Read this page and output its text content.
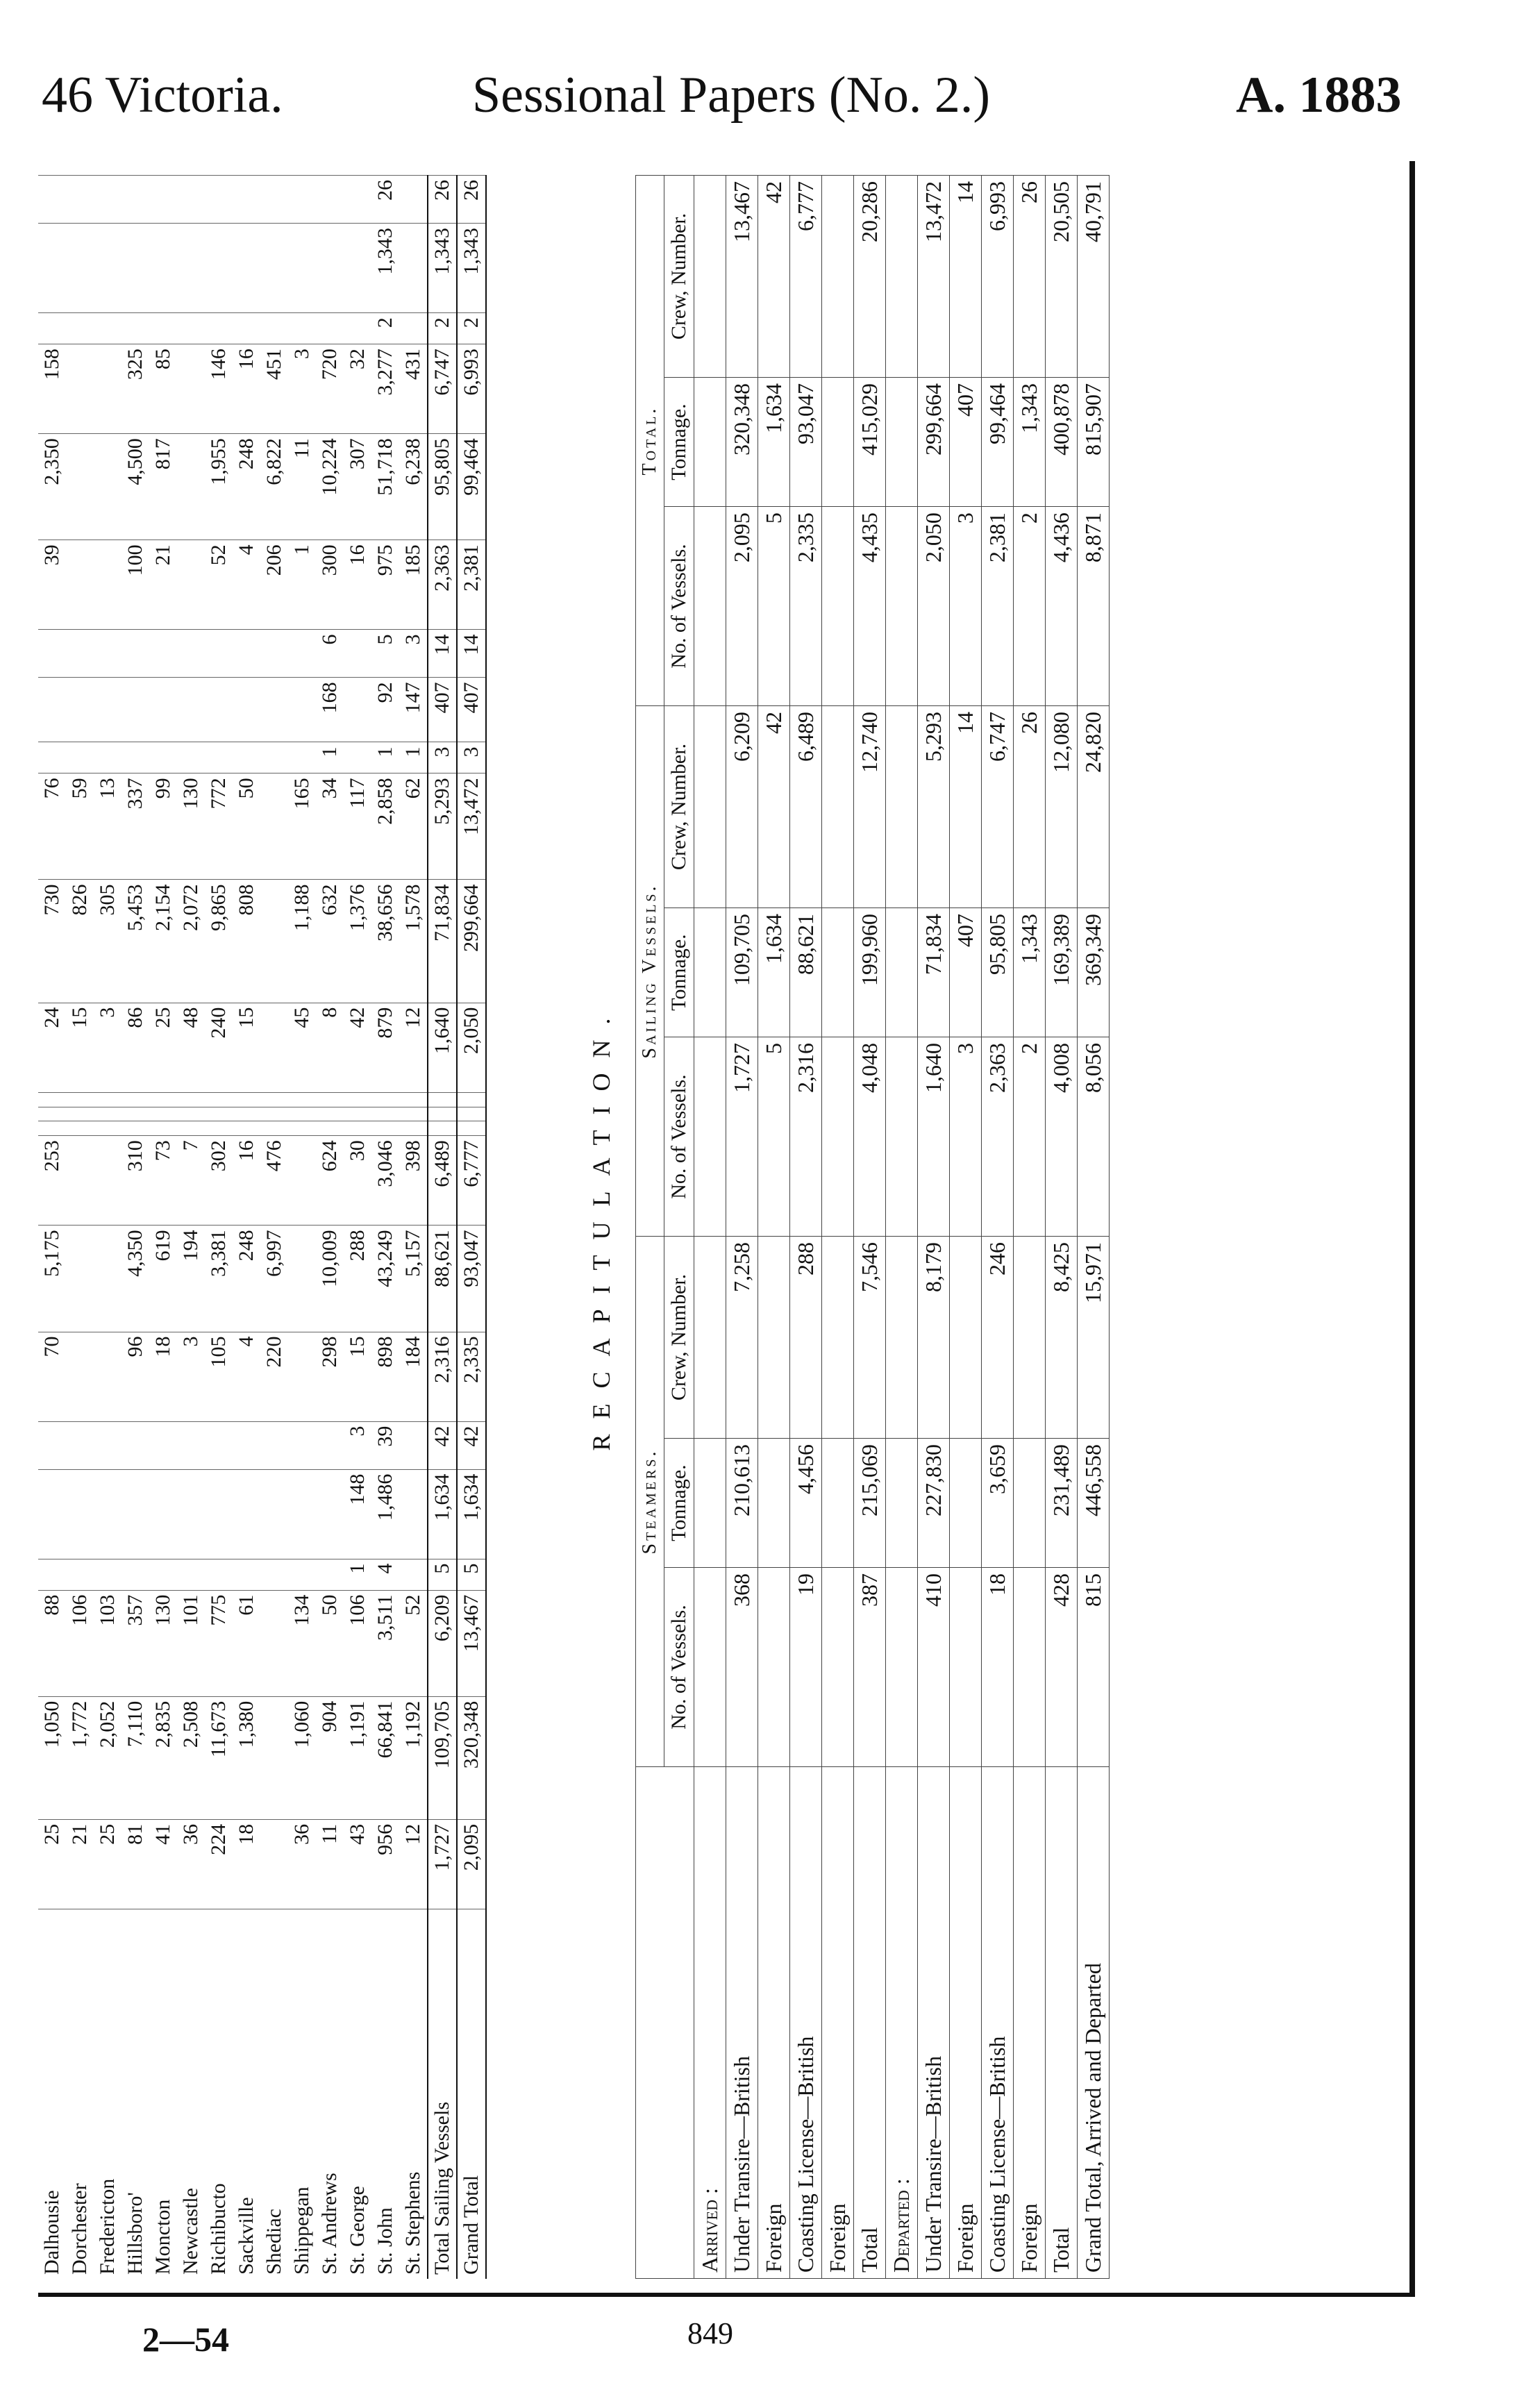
46 Victoria.	Sessional Papers (No. 2.)	A. 1883
Dalhousie	25	1,050	88				70	5,175	253				24	730	76				39	2,350	158			
Dorchester	21	1,772	106										15	826	59									
Fredericton	25	2,052	103										3	305	13									
Hillsboro'	81	7,110	357				96	4,350	310				86	5,453	337				100	4,500	325			
Moncton	41	2,835	130				18	619	73				25	2,154	99				21	817	85			
Newcastle	36	2,508	101				3	194	7				48	2,072	130									
Richibucto	224	11,673	775				105	3,381	302				240	9,865	772				52	1,955	146			
Sackville	18	1,380	61				4	248	16				15	808	50				4	248	16			
Shediac							220	6,997	476										206	6,822	451			
Shippegan	36	1,060	134										45	1,188	165				1	11	3			
St. Andrews	11	904	50				298	10,009	624				8	632	34	1	168	6	300	10,224	720			
St. George	43	1,191	106	1	148	3	15	288	30				42	1,376	117				16	307	32			
St. John	956	66,841	3,511	4	1,486	39	898	43,249	3,046				879	38,656	2,858	1	92	5	975	51,718	3,277	2	1,343	26
St. Stephens	12	1,192	52				184	5,157	398				12	1,578	62	1	147	3	185	6,238	431			
Total Sailing Vessels	1,727	109,705	6,209	5	1,634	42	2,316	88,621	6,489				1,640	71,834	5,293	3	407	14	2,363	95,805	6,747	2	1,343	26
Grand Total	2,095	320,348	13,467	5	1,634	42	2,335	93,047	6,777				2,050	299,664	13,472	3	407	14	2,381	99,464	6,993	2	1,343	26
RECAPITULATION.
	Steamers.			Sailing Vessels.			Total.		
	No. of Vessels.	Tonnage.	Crew, Number.	No. of Vessels.	Tonnage.	Crew, Number.	No. of Vessels.	Tonnage.	Crew, Number.
Arrived :									
Under Transire—British	368	210,613	7,258	1,727	109,705	6,209	2,095	320,348	13,467
Foreign				5	1,634	42	5	1,634	42
Coasting License—British	19	4,456	288	2,316	88,621	6,489	2,335	93,047	6,777
Foreign									
Total	387	215,069	7,546	4,048	199,960	12,740	4,435	415,029	20,286
Departed :									
Under Transire—British	410	227,830	8,179	1,640	71,834	5,293	2,050	299,664	13,472
Foreign				3	407	14	3	407	14
Coasting License—British	18	3,659	246	2,363	95,805	6,747	2,381	99,464	6,993
Foreign				2	1,343	26	2	1,343	26
Total	428	231,489	8,425	4,008	169,389	12,080	4,436	400,878	20,505
Grand Total, Arrived and Departed	815	446,558	15,971	8,056	369,349	24,820	8,871	815,907	40,791
2—54	849
